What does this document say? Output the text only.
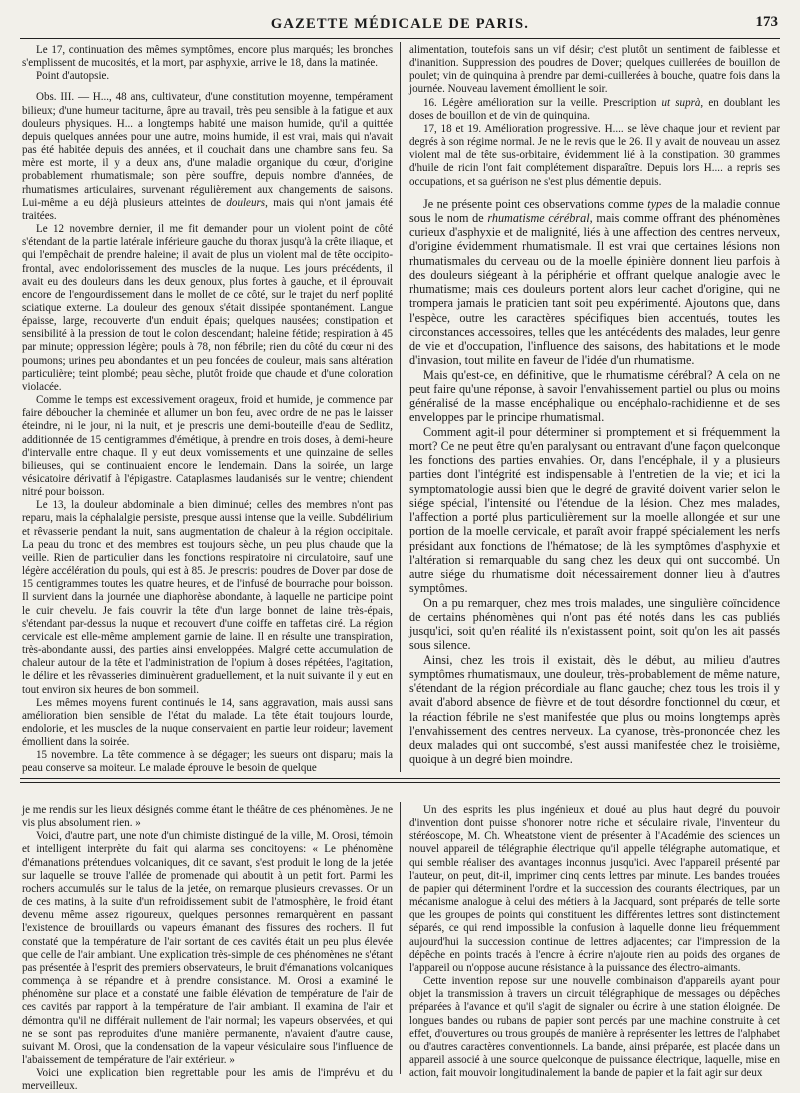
GAZETTE MÉDICALE DE PARIS.	173

Le 17, continuation des mêmes symptômes, encore plus marqués; les bronches s'emplissent de mucosités, et la mort, par asphyxie, arrive le 18, dans la matinée.

Point d'autopsie.

Obs. III. — H..., 48 ans, cultivateur, d'une constitution moyenne, tempérament bilieux; d'une humeur taciturne, âpre au travail, très peu sensible à la fatigue et aux douleurs physiques. H... a longtemps habité une maison humide, qu'il a quittée depuis quelques années pour une autre, moins humide, il est vrai, mais qui n'avait pas été habitée depuis des années, et il couchait dans une chambre sans feu. Sa mère est morte, il y a deux ans, d'une maladie organique du cœur, d'origine probablement rhumatismale; son père souffre, depuis nombre d'années, de rhumatismes articulaires, survenant régulièrement aux changements de saisons. Lui-même a eu déjà plusieurs atteintes de douleurs, mais qui n'ont jamais été traitées.

Le 12 novembre dernier, il me fit demander pour un violent point de côté s'étendant de la partie latérale inférieure gauche du thorax jusqu'à la crête iliaque, et qui l'empêchait de prendre haleine; il avait de plus un violent mal de tête occipito-frontal, avec endolorissement des muscles de la nuque. Les jours précédents, il avait eu des douleurs dans les deux genoux, plus fortes à gauche, et il éprouvait encore de l'engourdissement dans le mollet de ce côté, sur le trajet du nerf poplité sciatique externe. La douleur des genoux s'était dissipée spontanément. Langue épaisse, large, recouverte d'un enduit épais; quelques nausées; constipation et sensibilité à la pression de tout le colon descendant; haleine fétide; respiration à 45 par minute; oppression légère; pouls à 78, non fébrile; rien du côté du cœur ni des poumons; urines peu abondantes et un peu foncées de couleur, mais sans altération particulière; teint plombé; peau sèche, plutôt froide que chaude et d'une coloration violacée.

Comme le temps est excessivement orageux, froid et humide, je commence par faire déboucher la cheminée et allumer un bon feu, avec ordre de ne pas le laisser éteindre, ni le jour, ni la nuit, et je prescris une demi-bouteille d'eau de Sedlitz, additionnée de 15 centigrammes d'émétique, à prendre en trois doses, à demi-heure d'intervalle entre chaque. Il y eut deux vomissements et une quinzaine de selles bilieuses, qui se continuaient encore le lendemain. Dans la soirée, un large vésicatoire dérivatif à l'épigastre. Cataplasmes laudanisés sur le ventre; chiendent nitré pour boisson.

Le 13, la douleur abdominale a bien diminué; celles des membres n'ont pas reparu, mais la céphalalgie persiste, presque aussi intense que la veille. Subdélirium et rêvasserie pendant la nuit, sans augmentation de chaleur à la région occipitale. La peau du tronc et des membres est toujours sèche, un peu plus chaude que la veille. Rien de particulier dans les fonctions respiratoire ni circulatoire, sauf une légère accélération du pouls, qui est à 85. Je prescris: poudres de Dover par dose de 15 centigrammes toutes les quatre heures, et de l'infusé de bourrache pour boisson. Il survient dans la journée une diaphorèse abondante, à laquelle ne participe point le cuir chevelu. Je fais couvrir la tête d'un large bonnet de laine très-épais, s'étendant par-dessus la nuque et recouvert d'une coiffe en taffetas ciré. La région cervicale est elle-même amplement garnie de laine. Il en résulte une transpiration, très-abondante aussi, des parties ainsi enveloppées. Malgré cette accumulation de chaleur autour de la tête et l'administration de l'opium à doses répétées, l'agitation, le délire et les rêvasseries diminuèrent graduellement, et la nuit suivante il y eut en tout environ six heures de bon sommeil.

Les mêmes moyens furent continués le 14, sans aggravation, mais aussi sans amélioration bien sensible de l'état du malade. La tête était toujours lourde, endolorie, et les muscles de la nuque conservaient en partie leur roideur; lavement émollient dans la soirée.

15 novembre. La tête commence à se dégager; les sueurs ont disparu; mais la peau conserve sa moiteur. Le malade éprouve le besoin de quelque

alimentation, toutefois sans un vif désir; c'est plutôt un sentiment de faiblesse et d'inanition. Suppression des poudres de Dover; quelques cuillerées de bouillon de poulet; vin de quinquina à prendre par demi-cuillerées à bouche, quatre fois dans la journée. Nouveau lavement émollient le soir.

16. Légère amélioration sur la veille. Prescription ut suprà, en doublant les doses de bouillon et de vin de quinquina.

17, 18 et 19. Amélioration progressive. H.... se lève chaque jour et revient par degrés à son régime normal. Je ne le revis que le 26. Il y avait de nouveau un assez violent mal de tête sus-orbitaire, évidemment lié à la constipation. 30 grammes d'huile de ricin l'ont fait complétement disparaître. Depuis lors H.... a repris ses occupations, et sa guérison ne s'est plus démentie depuis.

Je ne présente point ces observations comme types de la maladie connue sous le nom de rhumatisme cérébral, mais comme offrant des phénomènes curieux d'asphyxie et de malignité, liés à une affection des centres nerveux, d'origine évidemment rhumatismale. Il est vrai que certaines lésions non rhumatismales du cerveau ou de la moelle épinière donnent lieu parfois à des douleurs siégeant à la périphérie et offrant quelque analogie avec le rhumatisme; mais ces douleurs portent alors leur cachet d'origine, qui ne trompera jamais le praticien tant soit peu expérimenté. Ajoutons que, dans l'espèce, outre les caractères spécifiques bien accentués, toutes les circonstances accessoires, telles que les antécédents des malades, leur genre de vie et d'occupation, l'influence des saisons, des habitations et le mode d'invasion, tout milite en faveur de l'idée d'un rhumatisme.

Mais qu'est-ce, en définitive, que le rhumatisme cérébral? A cela on ne peut faire qu'une réponse, à savoir l'envahissement partiel ou plus ou moins généralisé de la masse encéphalique ou encéphalo-rachidienne et de ses enveloppes par le principe rhumatismal.

Comment agit-il pour déterminer si promptement et si fréquemment la mort? Ce ne peut être qu'en paralysant ou entravant d'une façon quelconque les fonctions des parties envahies. Or, dans l'encéphale, il y a plusieurs parties dont l'intégrité est indispensable à l'entretien de la vie; et ici la symptomatologie aussi bien que le degré de gravité doivent varier selon le siége spécial, l'intensité ou l'étendue de la lésion. Chez mes malades, l'affection a porté plus particulièrement sur la moelle allongée et sur une portion de la moelle cervicale, et paraît avoir frappé spécialement les nerfs présidant aux fonctions de l'hématose; de là les symptômes d'asphyxie et l'altération si remarquable du sang chez les deux qui ont succombé. Un autre siége du rhumatisme doit nécessairement donner lieu à d'autres symptômes.

On a pu remarquer, chez mes trois malades, une singulière coïncidence de certains phénomènes qui n'ont pas été notés dans les cas publiés jusqu'ici, soit qu'en réalité ils n'existassent point, soit qu'on les ait passés sous silence.

Ainsi, chez les trois il existait, dès le début, au milieu d'autres symptômes rhumatismaux, une douleur, très-probablement de même nature, s'étendant de la région précordiale au flanc gauche; chez tous les trois il y avait d'abord absence de fièvre et de tout désordre fonctionnel du cœur, et la réaction fébrile ne s'est manifestée que plus ou moins longtemps après l'envahissement des centres nerveux. La cyanose, très-prononcée chez les deux malades qui ont succombé, s'est aussi manifestée chez le troisième, quoique à un degré bien moindre.

je me rendis sur les lieux désignés comme étant le théâtre de ces phénomènes. Je ne vis plus absolument rien. »

Voici, d'autre part, une note d'un chimiste distingué de la ville, M. Orosi, témoin et intelligent interprète du fait qui alarma ses concitoyens: « Le phénomène d'émanations prétendues volcaniques, dit ce savant, s'est produit le long de la jetée sur laquelle se trouve l'allée de promenade qui aboutit à un petit fort. Parmi les rochers accumulés sur le talus de la jetée, on remarque plusieurs crevasses. Or un de ces matins, à la suite d'un refroidissement subit de l'atmosphère, le froid étant devenu même assez rigoureux, quelques personnes remarquèrent en passant l'existence de brouillards ou vapeurs émanant des fissures des rochers. Il fut constaté que la température de l'air sortant de ces cavités était un peu plus élevée que celle de l'air ambiant. Une explication très-simple de ces phénomènes ne s'étant pas présentée à l'esprit des premiers observateurs, le bruit d'émanations volcaniques commença à se répandre et à prendre consistance. M. Orosi a examiné le phénomène sur place et a constaté une faible élévation de température de l'air de ces cavités par rapport à la température de l'air ambiant. Il examina de l'air et démontra qu'il ne différait nullement de l'air normal; les vapeurs observées, et qui ne se sont pas reproduites d'une manière permanente, n'avaient d'autre cause, suivant M. Orosi, que la condensation de la vapeur vésiculaire sous l'influence de l'abaissement de température de l'air extérieur. »

Voici une explication bien regrettable pour les amis de l'imprévu et du merveilleux.

Un des esprits les plus ingénieux et doué au plus haut degré du pouvoir d'invention dont puisse s'honorer notre riche et séculaire rivale, l'inventeur du stéréoscope, M. Ch. Wheatstone vient de présenter à l'Académie des sciences un nouvel appareil de télégraphie électrique qu'il appelle télégraphe automatique, et qui semble réaliser des avantages inconnus jusqu'ici. Avec l'appareil présenté par l'auteur, on peut, dit-il, imprimer cinq cents lettres par minute. Les bandes trouées de papier qui déterminent l'ordre et la succession des courants électriques, par un mécanisme analogue à celui des métiers à la Jacquard, sont préparés de telle sorte que les groupes de points qui constituent les différentes lettres sont distinctement séparés, ce qui rend impossible la confusion à laquelle donne lieu fréquemment aujourd'hui la succession continue de lettres adjacentes; car l'impression de la dépêche en points tracés à l'encre à écrire n'ajoute rien au poids des organes de l'appareil ou n'oppose aucune résistance à la puissance des électro-aimants.

Cette invention repose sur une nouvelle combinaison d'appareils ayant pour objet la transmission à travers un circuit télégraphique de messages ou dépêches préparées à l'avance et qu'il s'agit de signaler ou écrire à une station éloignée. De longues bandes ou rubans de papier sont percés par une machine construite à cet effet, d'ouvertures ou trous groupés de manière à représenter les lettres de l'alphabet ou d'autres caractères conventionnels. La bande, ainsi préparée, est placée dans un appareil associé à une source quelconque de puissance électrique, laquelle, mise en action, fait mouvoir longitudinalement la bande de papier et la fait agir sur deux
